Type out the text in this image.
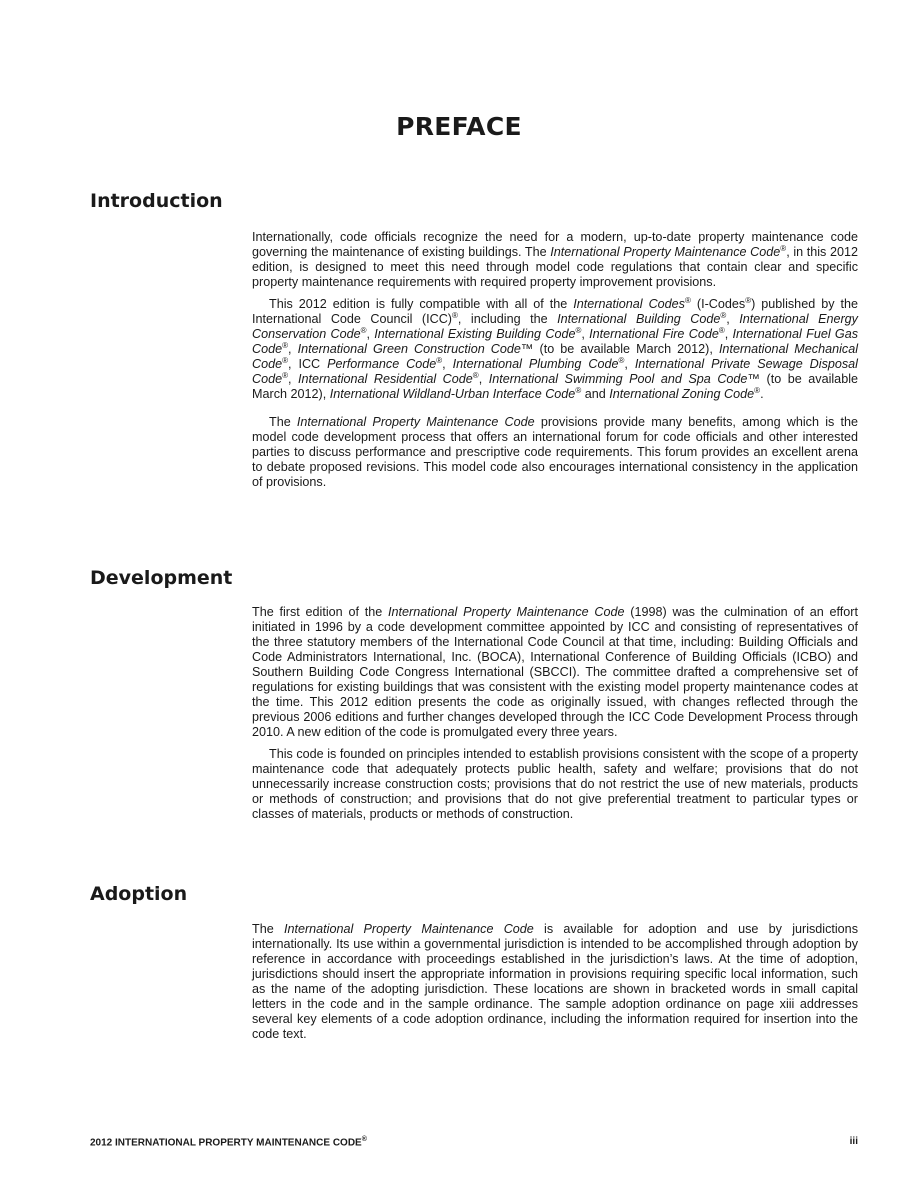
PREFACE
Introduction

Internationally, code officials recognize the need for a modern, up-to-date property maintenance code governing the maintenance of existing buildings. The International Property Maintenance Code®, in this 2012 edition, is designed to meet this need through model code regulations that contain clear and specific property maintenance requirements with required property improvement provisions.

This 2012 edition is fully compatible with all of the International Codes® (I-Codes®) published by the International Code Council (ICC)®, including the International Building Code®, International Energy Conservation Code®, International Existing Building Code®, International Fire Code®, International Fuel Gas Code®, International Green Construction Code™ (to be available March 2012), International Mechanical Code®, ICC Performance Code®, International Plumbing Code®, International Private Sewage Disposal Code®, International Residential Code®, International Swimming Pool and Spa Code™ (to be available March 2012), International Wildland-Urban Interface Code® and International Zoning Code®.

The International Property Maintenance Code provisions provide many benefits, among which is the model code development process that offers an international forum for code officials and other interested parties to discuss performance and prescriptive code requirements. This forum provides an excellent arena to debate proposed revisions. This model code also encourages international consistency in the application of provisions.

Development

The first edition of the International Property Maintenance Code (1998) was the culmination of an effort initiated in 1996 by a code development committee appointed by ICC and consisting of representatives of the three statutory members of the International Code Council at that time, including: Building Officials and Code Administrators International, Inc. (BOCA), International Conference of Building Officials (ICBO) and Southern Building Code Congress International (SBCCI). The committee drafted a comprehensive set of regulations for existing buildings that was consistent with the existing model property maintenance codes at the time. This 2012 edition presents the code as originally issued, with changes reflected through the previous 2006 editions and further changes developed through the ICC Code Development Process through 2010. A new edition of the code is promulgated every three years.

This code is founded on principles intended to establish provisions consistent with the scope of a property maintenance code that adequately protects public health, safety and welfare; provisions that do not unnecessarily increase construction costs; provisions that do not restrict the use of new materials, products or methods of construction; and provisions that do not give preferential treatment to particular types or classes of materials, products or methods of construction.

Adoption

The International Property Maintenance Code is available for adoption and use by jurisdictions internationally. Its use within a governmental jurisdiction is intended to be accomplished through adoption by reference in accordance with proceedings established in the jurisdiction’s laws. At the time of adoption, jurisdictions should insert the appropriate information in provisions requiring specific local information, such as the name of the adopting jurisdiction. These locations are shown in bracketed words in small capital letters in the code and in the sample ordinance. The sample adoption ordinance on page xiii addresses several key elements of a code adoption ordinance, including the information required for insertion into the code text.

2012 INTERNATIONAL PROPERTY MAINTENANCE CODE®	iii
